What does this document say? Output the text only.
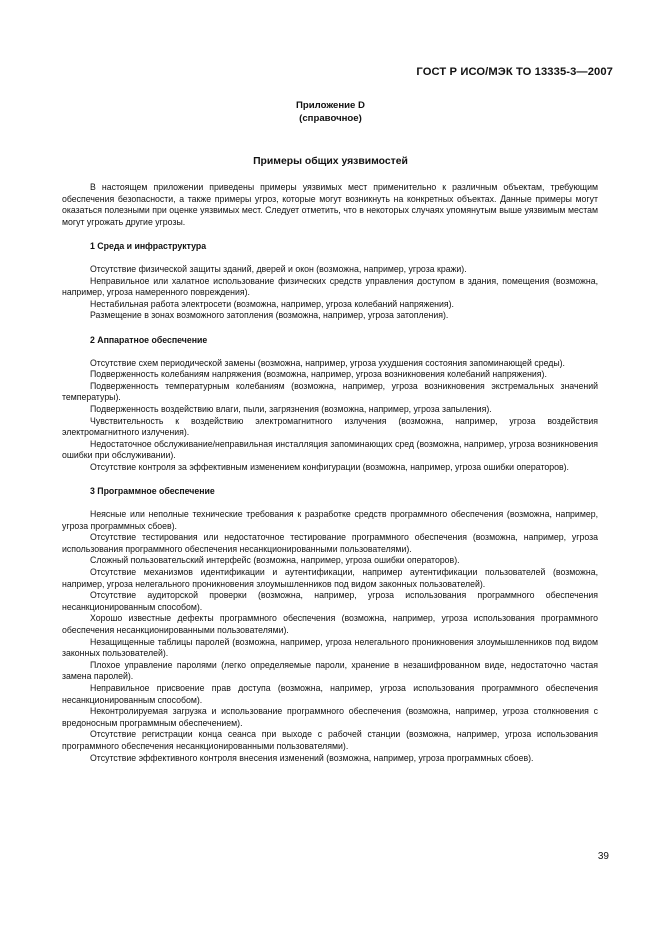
ГОСТ Р ИСО/МЭК ТО 13335-3—2007
Приложение D
(справочное)
Примеры общих уязвимостей

В настоящем приложении приведены примеры уязвимых мест применительно к различным объектам, требующим обеспечения безопасности, а также примеры угроз, которые могут возникнуть на конкретных объектах. Данные примеры могут оказаться полезными при оценке уязвимых мест. Следует отметить, что в некоторых случаях упомянутым выше уязвимым местам могут угрожать другие угрозы.

1 Среда и инфраструктура

Отсутствие физической защиты зданий, дверей и окон (возможна, например, угроза кражи).

Неправильное или халатное использование физических средств управления доступом в здания, помещения (возможна, например, угроза намеренного повреждения).

Нестабильная работа электросети (возможна, например, угроза колебаний напряжения).

Размещение в зонах возможного затопления (возможна, например, угроза затопления).

2 Аппаратное обеспечение

Отсутствие схем периодической замены (возможна, например, угроза ухудшения состояния запоминающей среды).

Подверженность колебаниям напряжения (возможна, например, угроза возникновения колебаний напряжения).

Подверженность температурным колебаниям (возможна, например, угроза возникновения экстремальных значений температуры).

Подверженность воздействию влаги, пыли, загрязнения (возможна, например, угроза запыления).

Чувствительность к воздействию электромагнитного излучения (возможна, например, угроза воздействия электромагнитного излучения).

Недостаточное обслуживание/неправильная инсталляция запоминающих сред (возможна, например, угроза возникновения ошибки при обслуживании).

Отсутствие контроля за эффективным изменением конфигурации (возможна, например, угроза ошибки операторов).

3 Программное обеспечение

Неясные или неполные технические требования к разработке средств программного обеспечения (возможна, например, угроза программных сбоев).

Отсутствие тестирования или недостаточное тестирование программного обеспечения (возможна, например, угроза использования программного обеспечения несанкционированными пользователями).

Сложный пользовательский интерфейс (возможна, например, угроза ошибки операторов).

Отсутствие механизмов идентификации и аутентификации, например аутентификации пользователей (возможна, например, угроза нелегального проникновения злоумышленников под видом законных пользователей).

Отсутствие аудиторской проверки (возможна, например, угроза использования программного обеспечения несанкционированным способом).

Хорошо известные дефекты программного обеспечения (возможна, например, угроза использования программного обеспечения несанкционированными пользователями).

Незащищенные таблицы паролей (возможна, например, угроза нелегального проникновения злоумышленников под видом законных пользователей).

Плохое управление паролями (легко определяемые пароли, хранение в незашифрованном виде, недостаточно частая замена паролей).

Неправильное присвоение прав доступа (возможна, например, угроза использования программного обеспечения несанкционированным способом).

Неконтролируемая загрузка и использование программного обеспечения (возможна, например, угроза столкновения с вредоносным программным обеспечением).

Отсутствие регистрации конца сеанса при выходе с рабочей станции (возможна, например, угроза использования программного обеспечения несанкционированными пользователями).

Отсутствие эффективного контроля внесения изменений (возможна, например, угроза программных сбоев).

39
